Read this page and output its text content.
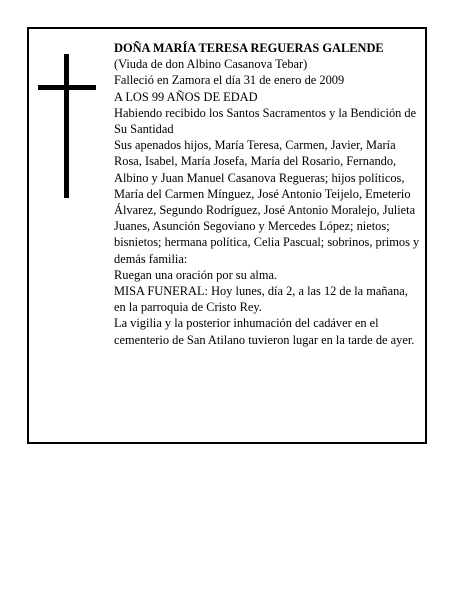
DOÑA MARÍA TERESA REGUERAS GALENDE

(Viuda de don Albino Casanova Tebar)

Falleció en Zamora el día 31 de enero de 2009

A LOS 99 AÑOS DE EDAD

Habiendo recibido los Santos Sacramentos y la Bendición de Su Santidad

Sus apenados hijos, María Teresa, Carmen, Javier, María Rosa, Isabel, María Josefa, María del Rosario, Fernando, Albino y Juan Manuel Casanova Regueras; hijos políticos, María del Carmen Mínguez, José Antonio Teijelo, Emeterio Álvarez, Segundo Rodríguez, José Antonio Moralejo, Julieta Juanes, Asunción Segoviano y Mercedes López; nietos; bisnietos; hermana política, Celia Pascual; sobrinos, primos y demás familia:

Ruegan una oración por su alma.

MISA FUNERAL: Hoy lunes, día 2, a las 12 de la mañana, en la parroquia de Cristo Rey.

La vigilia y la posterior inhumación del cadáver en el cementerio de San Atilano tuvieron lugar en la tarde de ayer.
